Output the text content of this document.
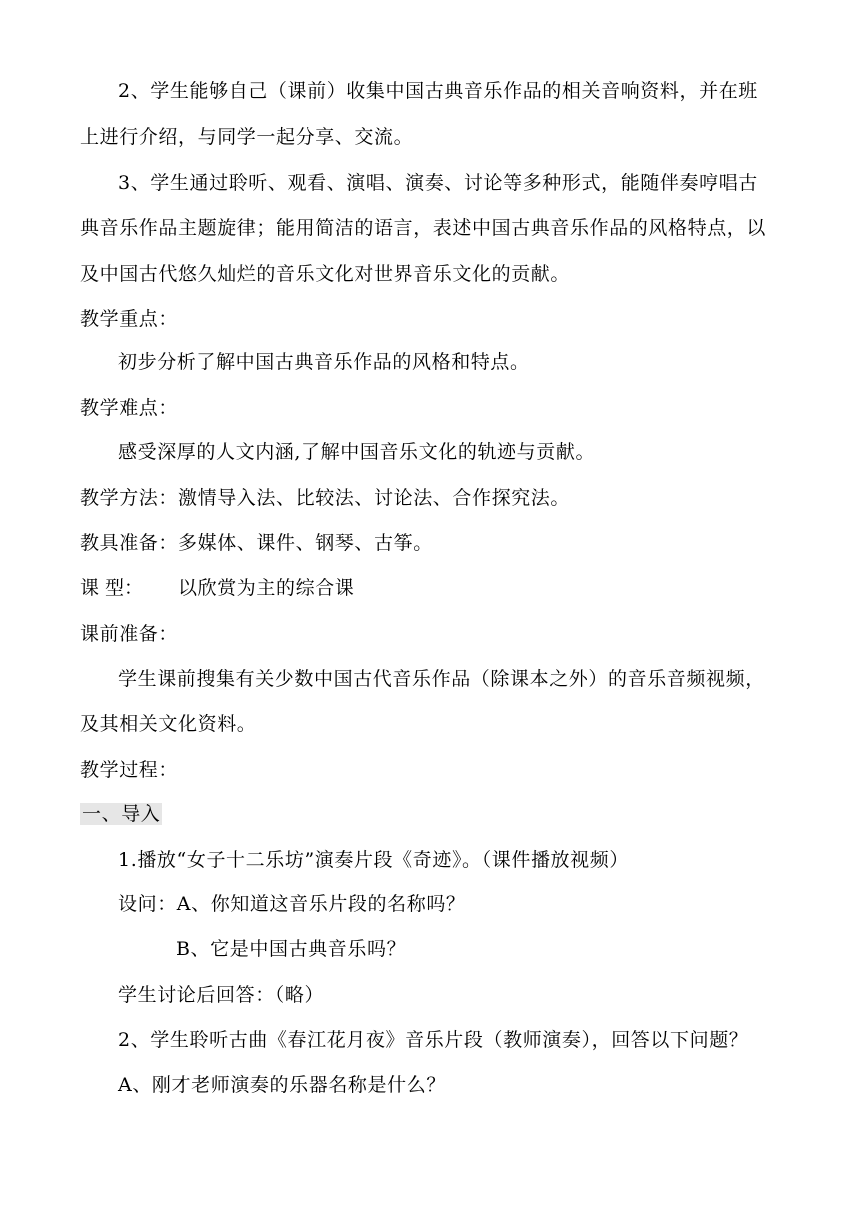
2、学生能够自己（课前）收集中国古典音乐作品的相关音响资料，并在班
上进行介绍，与同学一起分享、交流。
3、学生通过聆听、观看、演唱、演奏、讨论等多种形式，能随伴奏哼唱古
典音乐作品主题旋律；能用简洁的语言，表述中国古典音乐作品的风格特点，以
及中国古代悠久灿烂的音乐文化对世界音乐文化的贡献。
教学重点：
初步分析了解中国古典音乐作品的风格和特点。
教学难点：
感受深厚的人文内涵,了解中国音乐文化的轨迹与贡献。
教学方法：激情导入法、比较法、讨论法、合作探究法。
教具准备：多媒体、课件、钢琴、古筝。
课 型： 以欣赏为主的综合课
课前准备：
学生课前搜集有关少数中国古代音乐作品（除课本之外）的音乐音频视频，
及其相关文化资料。
教学过程：
一、导入
1.播放“女子十二乐坊”演奏片段《奇迹》。（课件播放视频）
设问：A、你知道这音乐片段的名称吗？
B、它是中国古典音乐吗？
学生讨论后回答：（略）
2、学生聆听古曲《春江花月夜》音乐片段（教师演奏），回答以下问题？
A、刚才老师演奏的乐器名称是什么？
